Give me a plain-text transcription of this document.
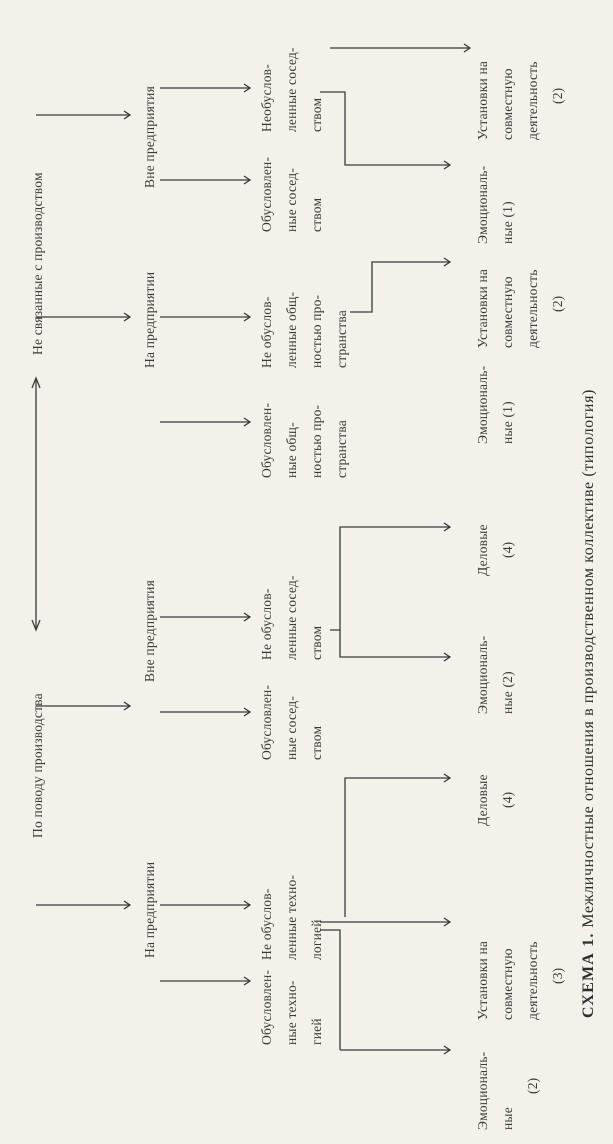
По поводу производства
Не связанные с производством
На предприятии
Вне предприятия
На предприятии
Вне предприятия
Обусловлен- ные техно- гией
Не обуслов- ленные техно- логией
Обусловлен- ные сосед- ством
Не обуслов- ленные сосед- ством
Обусловлен- ные общ- ностью про- странства
Не обуслов- ленные общ- ностью про- странства
Обусловлен- ные сосед- ством
Необуслов- ленные сосед- ством
Эмоциональ- ные
(2)
Установки на совместную деятельность (3)
Деловые (4)
Эмоциональ- ные (2)
Деловые (4)
Эмоциональ- ные (1)
Установки на совместную деятельность (2)
Эмоциональ- ные (1)
Установки на совместную деятельность (2)
СХЕМА 1. Межличностные отношения в производственном коллективе (типология)
